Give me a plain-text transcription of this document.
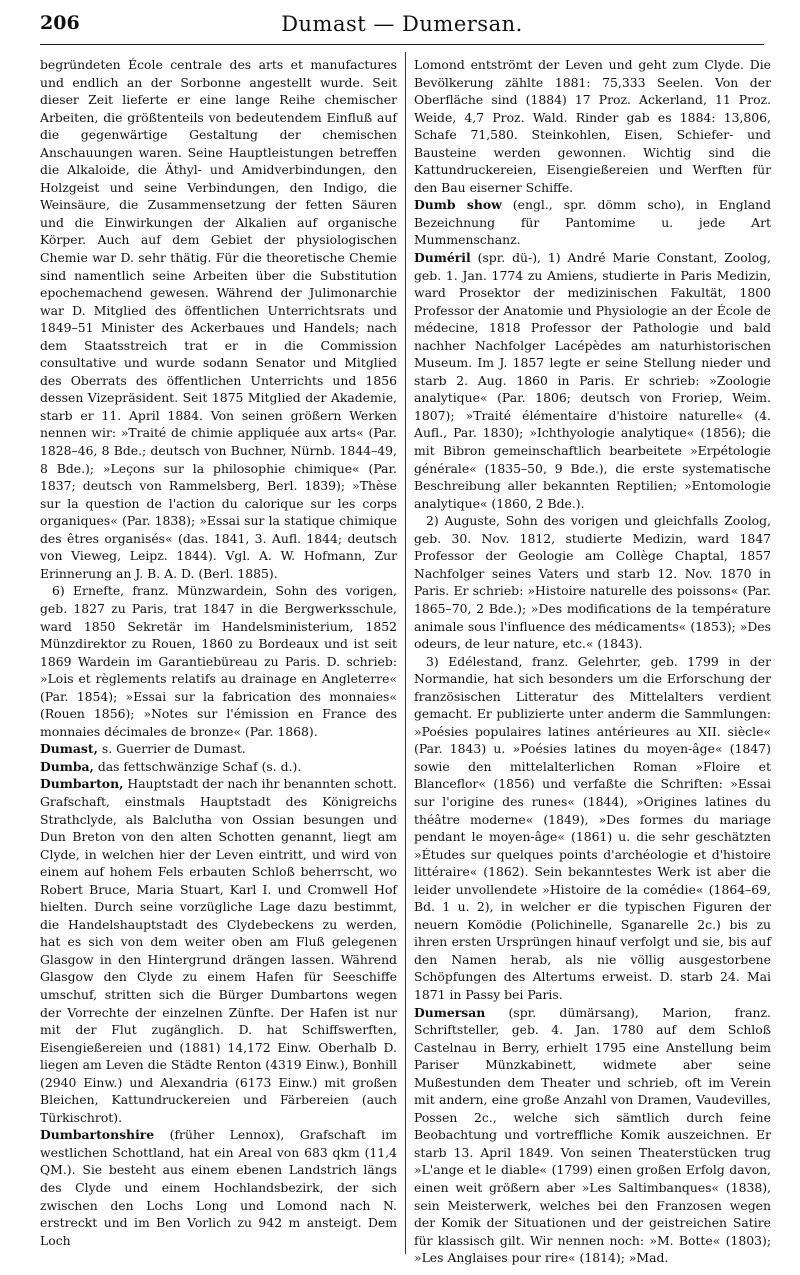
206	Dumast — Dumersan.

begründeten École centrale des arts et manufactures und endlich an der Sorbonne angestellt wurde. Seit dieser Zeit lieferte er eine lange Reihe chemischer Arbeiten, die größtenteils von bedeutendem Einfluß auf die gegenwärtige Gestaltung der chemischen Anschauungen waren. Seine Hauptleistungen betreffen die Alkaloide, die Äthyl- und Amidverbindungen, den Holzgeist und seine Verbindungen, den Indigo, die Weinsäure, die Zusammensetzung der fetten Säuren und die Einwirkungen der Alkalien auf organische Körper. Auch auf dem Gebiet der physiologischen Chemie war D. sehr thätig. Für die theoretische Chemie sind namentlich seine Arbeiten über die Substitution epochemachend gewesen. Während der Julimonarchie war D. Mitglied des öffentlichen Unterrichtsrats und 1849–51 Minister des Ackerbaues und Handels; nach dem Staatsstreich trat er in die Commission consultative und wurde sodann Senator und Mitglied des Oberrats des öffentlichen Unterrichts und 1856 dessen Vizepräsident. Seit 1875 Mitglied der Akademie, starb er 11. April 1884. Von seinen größern Werken nennen wir: »Traité de chimie appliquée aux arts« (Par. 1828–46, 8 Bde.; deutsch von Buchner, Nürnb. 1844–49, 8 Bde.); »Leçons sur la philosophie chimique« (Par. 1837; deutsch von Rammelsberg, Berl. 1839); »Thèse sur la question de l'action du calorique sur les corps organiques« (Par. 1838); »Essai sur la statique chimique des êtres organisés« (das. 1841, 3. Aufl. 1844; deutsch von Vieweg, Leipz. 1844). Vgl. A. W. Hofmann, Zur Erinnerung an J. B. A. D. (Berl. 1885).

6) Ernefte, franz. Münzwardein, Sohn des vorigen, geb. 1827 zu Paris, trat 1847 in die Bergwerksschule, ward 1850 Sekretär im Handelsministerium, 1852 Münzdirektor zu Rouen, 1860 zu Bordeaux und ist seit 1869 Wardein im Garantiebüreau zu Paris. D. schrieb: »Lois et règlements relatifs au drainage en Angleterre« (Par. 1854); »Essai sur la fabrication des monnaies« (Rouen 1856); »Notes sur l'émission en France des monnaies décimales de bronze« (Par. 1868).

Dumast, s. Guerrier de Dumast.

Dumba, das fettschwänzige Schaf (s. d.).

Dumbarton, Hauptstadt der nach ihr benannten schott. Grafschaft, einstmals Hauptstadt des Königreichs Strathclyde, als Balclutha von Ossian besungen und Dun Breton von den alten Schotten genannt, liegt am Clyde, in welchen hier der Leven eintritt, und wird von einem auf hohem Fels erbauten Schloß beherrscht, wo Robert Bruce, Maria Stuart, Karl I. und Cromwell Hof hielten. Durch seine vorzügliche Lage dazu bestimmt, die Handelshauptstadt des Clydebeckens zu werden, hat es sich von dem weiter oben am Fluß gelegenen Glasgow in den Hintergrund drängen lassen. Während Glasgow den Clyde zu einem Hafen für Seeschiffe umschuf, stritten sich die Bürger Dumbartons wegen der Vorrechte der einzelnen Zünfte. Der Hafen ist nur mit der Flut zugänglich. D. hat Schiffswerften, Eisengießereien und (1881) 14,172 Einw. Oberhalb D. liegen am Leven die Städte Renton (4319 Einw.), Bonhill (2940 Einw.) und Alexandria (6173 Einw.) mit großen Bleichen, Kattundruckereien und Färbereien (auch Türkischrot).

Dumbartonshire (früher Lennox), Grafschaft im westlichen Schottland, hat ein Areal von 683 qkm (11,4 QM.). Sie besteht aus einem ebenen Landstrich längs des Clyde und einem Hochlandsbezirk, der sich zwischen den Lochs Long und Lomond nach N. erstreckt und im Ben Vorlich zu 942 m ansteigt. Dem Loch

Lomond entströmt der Leven und geht zum Clyde. Die Bevölkerung zählte 1881: 75,333 Seelen. Von der Oberfläche sind (1884) 17 Proz. Ackerland, 11 Proz. Weide, 4,7 Proz. Wald. Rinder gab es 1884: 13,806, Schafe 71,580. Steinkohlen, Eisen, Schiefer- und Bausteine werden gewonnen. Wichtig sind die Kattundruckereien, Eisengießereien und Werften für den Bau eiserner Schiffe.

Dumb show (engl., spr. dömm scho), in England Bezeichnung für Pantomime u. jede Art Mummenschanz.

Duméril (spr. dü-), 1) André Marie Constant, Zoolog, geb. 1. Jan. 1774 zu Amiens, studierte in Paris Medizin, ward Prosektor der medizinischen Fakultät, 1800 Professor der Anatomie und Physiologie an der École de médecine, 1818 Professor der Pathologie und bald nachher Nachfolger Lacépèdes am naturhistorischen Museum. Im J. 1857 legte er seine Stellung nieder und starb 2. Aug. 1860 in Paris. Er schrieb: »Zoologie analytique« (Par. 1806; deutsch von Froriep, Weim. 1807); »Traité élémentaire d'histoire naturelle« (4. Aufl., Par. 1830); »Ichthyologie analytique« (1856); die mit Bibron gemeinschaftlich bearbeitete »Erpétologie générale« (1835–50, 9 Bde.), die erste systematische Beschreibung aller bekannten Reptilien; »Entomologie analytique« (1860, 2 Bde.).

2) Auguste, Sohn des vorigen und gleichfalls Zoolog, geb. 30. Nov. 1812, studierte Medizin, ward 1847 Professor der Geologie am Collège Chaptal, 1857 Nachfolger seines Vaters und starb 12. Nov. 1870 in Paris. Er schrieb: »Histoire naturelle des poissons« (Par. 1865–70, 2 Bde.); »Des modifications de la température animale sous l'influence des médicaments« (1853); »Des odeurs, de leur nature, etc.« (1843).

3) Edélestand, franz. Gelehrter, geb. 1799 in der Normandie, hat sich besonders um die Erforschung der französischen Litteratur des Mittelalters verdient gemacht. Er publizierte unter anderm die Sammlungen: »Poésies populaires latines antérieures au XII. siècle« (Par. 1843) u. »Poésies latines du moyen-âge« (1847) sowie den mittelalterlichen Roman »Floire et Blanceflor« (1856) und verfaßte die Schriften: »Essai sur l'origine des runes« (1844), »Origines latines du théâtre moderne« (1849), »Des formes du mariage pendant le moyen-âge« (1861) u. die sehr geschätzten »Études sur quelques points d'archéologie et d'histoire littéraire« (1862). Sein bekanntestes Werk ist aber die leider unvollendete »Histoire de la comédie« (1864–69, Bd. 1 u. 2), in welcher er die typischen Figuren der neuern Komödie (Polichinelle, Sganarelle 2c.) bis zu ihren ersten Ursprüngen hinauf verfolgt und sie, bis auf den Namen herab, als nie völlig ausgestorbene Schöpfungen des Altertums erweist. D. starb 24. Mai 1871 in Passy bei Paris.

Dumersan (spr. dümärsang), Marion, franz. Schriftsteller, geb. 4. Jan. 1780 auf dem Schloß Castelnau in Berry, erhielt 1795 eine Anstellung beim Pariser Münzkabinett, widmete aber seine Mußestunden dem Theater und schrieb, oft im Verein mit andern, eine große Anzahl von Dramen, Vaudevilles, Possen 2c., welche sich sämtlich durch feine Beobachtung und vortreffliche Komik auszeichnen. Er starb 13. April 1849. Von seinen Theaterstücken trug »L'ange et le diable« (1799) einen großen Erfolg davon, einen weit größern aber »Les Saltimbanques« (1838), sein Meisterwerk, welches bei den Franzosen wegen der Komik der Situationen und der geistreichen Satire für klassisch gilt. Wir nennen noch: »M. Botte« (1803); »Les Anglaises pour rire« (1814); »Mad.
